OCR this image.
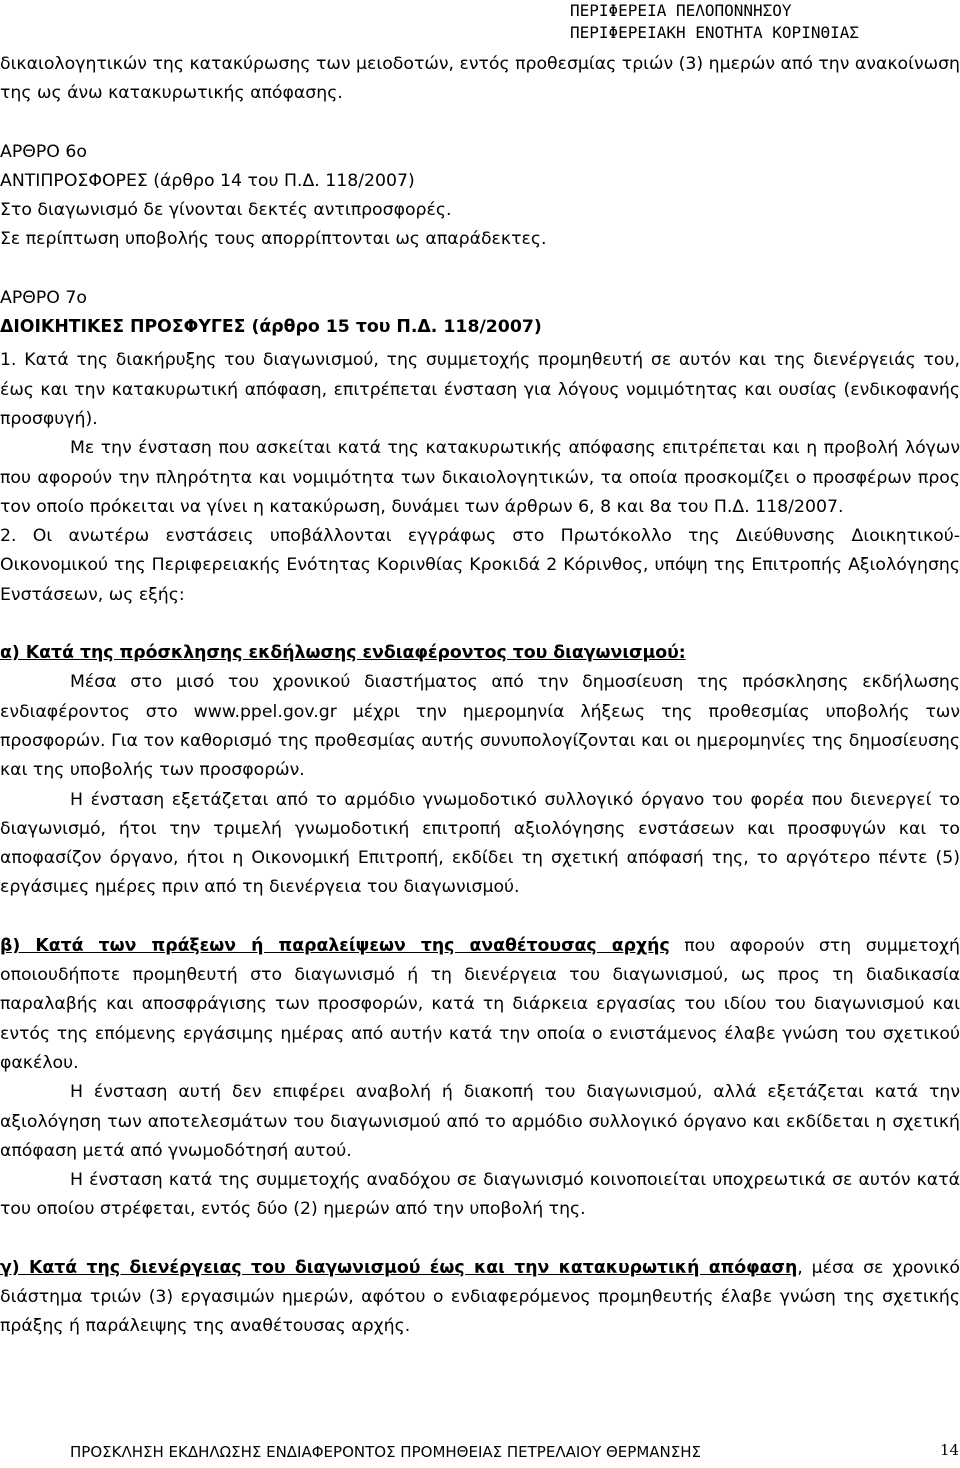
ΠΕΡΙΦΕΡΕΙΑ ΠΕΛΟΠΟΝΝΗΣΟΥ
ΠΕΡΙΦΕΡΕΙΑΚΗ ΕΝΟΤΗΤΑ ΚΟΡΙΝΘΙΑΣ

δικαιολογητικών της κατακύρωσης των μειοδοτών, εντός προθεσμίας τριών (3) ημερών από την ανακοίνωση της ως άνω κατακυρωτικής απόφασης.

ΑΡΘΡΟ 6ο

ΑΝΤΙΠΡΟΣΦΟΡΕΣ (άρθρο 14 του Π.Δ. 118/2007)

Στο διαγωνισμό δε γίνονται δεκτές αντιπροσφορές.

Σε περίπτωση υποβολής τους απορρίπτονται ως απαράδεκτες.

ΑΡΘΡΟ 7ο

ΔΙΟΙΚΗΤΙΚΕΣ ΠΡΟΣΦΥΓΕΣ (άρθρο 15 του Π.Δ. 118/2007)

1. Κατά της διακήρυξης του διαγωνισμού, της συμμετοχής προμηθευτή σε αυτόν και της διενέργειάς του, έως και την κατακυρωτική απόφαση, επιτρέπεται ένσταση για λόγους νομιμότητας και ουσίας (ενδικοφανής προσφυγή).

Με την ένσταση που ασκείται κατά της κατακυρωτικής απόφασης επιτρέπεται και η προβολή λόγων που αφορούν την πληρότητα και νομιμότητα των δικαιολογητικών, τα οποία προσκομίζει ο προσφέρων προς τον οποίο πρόκειται να γίνει η κατακύρωση, δυνάμει των άρθρων 6, 8 και 8α του Π.Δ. 118/2007.

2. Οι ανωτέρω ενστάσεις υποβάλλονται εγγράφως στο Πρωτόκολλο της Διεύθυνσης Διοικητικού- Οικονομικού της Περιφερειακής Ενότητας Κορινθίας Κροκιδά 2 Κόρινθος, υπόψη της Επιτροπής Αξιολόγησης Ενστάσεων, ως εξής:

α) Κατά της πρόσκλησης εκδήλωσης ενδιαφέροντος του διαγωνισμού:

Μέσα στο μισό του χρονικού διαστήματος από την δημοσίευση της πρόσκλησης εκδήλωσης ενδιαφέροντος στο www.ppel.gov.gr μέχρι την ημερομηνία λήξεως της προθεσμίας υποβολής των προσφορών. Για τον καθορισμό της προθεσμίας αυτής συνυπολογίζονται και οι ημερομηνίες της δημοσίευσης και της υποβολής των προσφορών.

Η ένσταση εξετάζεται από το αρμόδιο γνωμοδοτικό συλλογικό όργανο του φορέα που διενεργεί το διαγωνισμό, ήτοι την τριμελή γνωμοδοτική επιτροπή αξιολόγησης ενστάσεων και προσφυγών και το αποφασίζον όργανο, ήτοι η Οικονομική Επιτροπή, εκδίδει τη σχετική απόφασή της, το αργότερο πέντε (5) εργάσιμες ημέρες πριν από τη διενέργεια του διαγωνισμού.

β) Κατά των πράξεων ή παραλείψεων της αναθέτουσας αρχής που αφορούν στη συμμετοχή οποιουδήποτε προμηθευτή στο διαγωνισμό ή τη διενέργεια του διαγωνισμού, ως προς τη διαδικασία παραλαβής και αποσφράγισης των προσφορών, κατά τη διάρκεια εργασίας του ιδίου του διαγωνισμού και εντός της επόμενης εργάσιμης ημέρας από αυτήν κατά την οποία ο ενιστάμενος έλαβε γνώση του σχετικού φακέλου.

Η ένσταση αυτή δεν επιφέρει αναβολή ή διακοπή του διαγωνισμού, αλλά εξετάζεται κατά την αξιολόγηση των αποτελεσμάτων του διαγωνισμού από το αρμόδιο συλλογικό όργανο και εκδίδεται η σχετική απόφαση μετά από γνωμοδότησή αυτού.

Η ένσταση κατά της συμμετοχής αναδόχου σε διαγωνισμό κοινοποιείται υποχρεωτικά σε αυτόν κατά του οποίου στρέφεται, εντός δύο (2) ημερών από την υποβολή της.

γ) Κατά της διενέργειας του διαγωνισμού έως και την κατακυρωτική απόφαση, μέσα σε χρονικό διάστημα τριών (3) εργασιμών ημερών, αφότου ο ενδιαφερόμενος προμηθευτής έλαβε γνώση της σχετικής πράξης ή παράλειψης της αναθέτουσας αρχής.

ΠΡΟΣΚΛΗΣΗ ΕΚΔΗΛΩΣΗΣ ΕΝΔΙΑΦΕΡΟΝΤΟΣ ΠΡΟΜΗΘΕΙΑΣ ΠΕΤΡΕΛΑΙΟΥ ΘΕΡΜΑΝΣΗΣ	14
